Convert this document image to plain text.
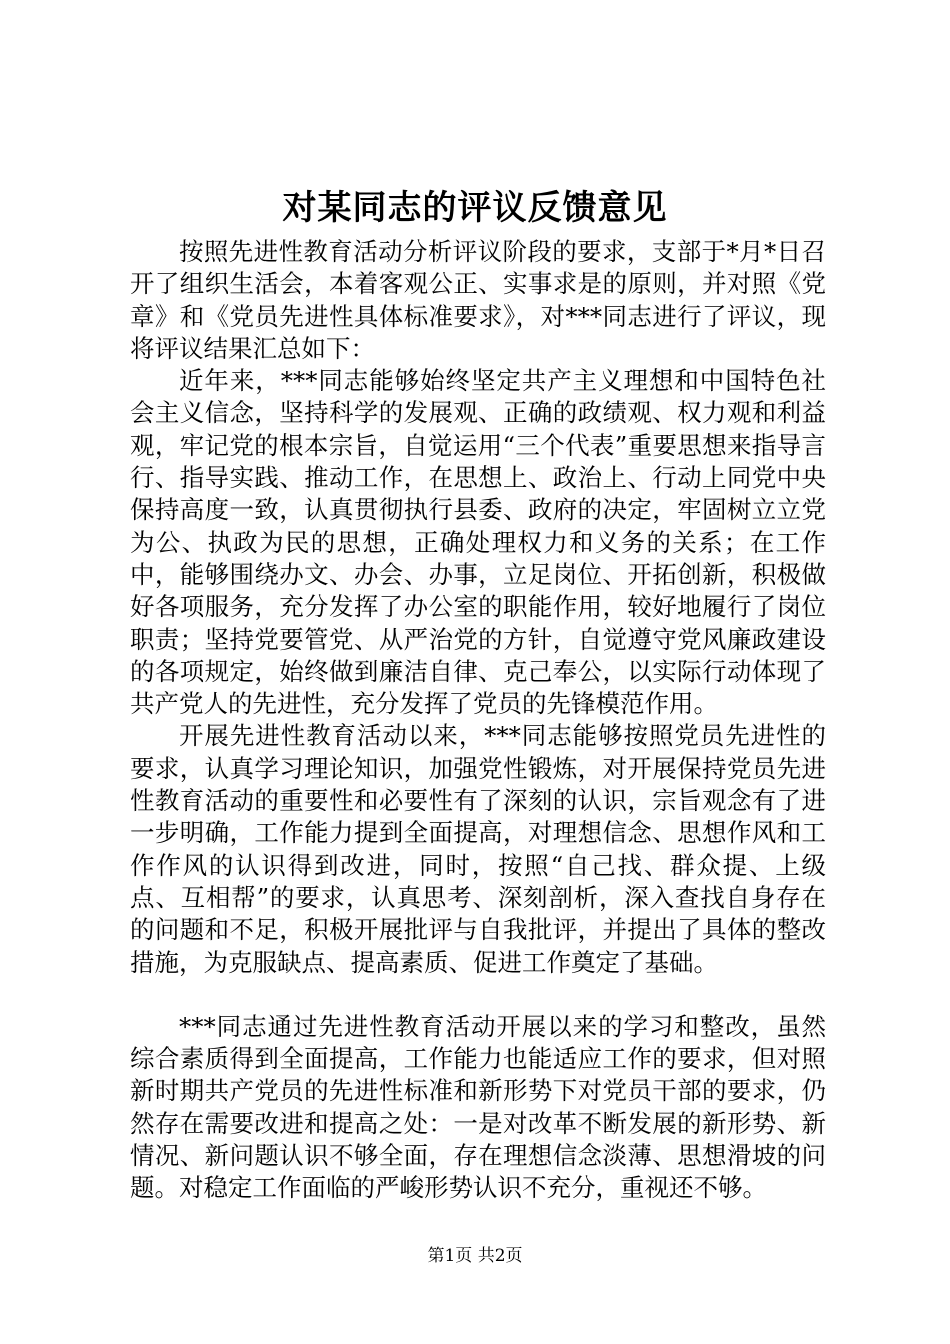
对某同志的评议反馈意见

按照先进性教育活动分析评议阶段的要求，支部于*月*日召开了组织生活会，本着客观公正、实事求是的原则，并对照《党章》和《党员先进性具体标准要求》，对***同志进行了评议，现将评议结果汇总如下：

近年来，***同志能够始终坚定共产主义理想和中国特色社会主义信念，坚持科学的发展观、正确的政绩观、权力观和利益观，牢记党的根本宗旨，自觉运用“三个代表”重要思想来指导言行、指导实践、推动工作，在思想上、政治上、行动上同党中央保持高度一致，认真贯彻执行县委、政府的决定，牢固树立立党为公、执政为民的思想，正确处理权力和义务的关系；在工作中，能够围绕办文、办会、办事，立足岗位、开拓创新，积极做好各项服务，充分发挥了办公室的职能作用，较好地履行了岗位职责；坚持党要管党、从严治党的方针，自觉遵守党风廉政建设的各项规定，始终做到廉洁自律、克己奉公，以实际行动体现了共产党人的先进性，充分发挥了党员的先锋模范作用。

开展先进性教育活动以来，***同志能够按照党员先进性的要求，认真学习理论知识，加强党性锻炼，对开展保持党员先进性教育活动的重要性和必要性有了深刻的认识，宗旨观念有了进一步明确，工作能力提到全面提高，对理想信念、思想作风和工作作风的认识得到改进，同时，按照“自己找、群众提、上级点、互相帮”的要求，认真思考、深刻剖析，深入查找自身存在的问题和不足，积极开展批评与自我批评，并提出了具体的整改措施，为克服缺点、提高素质、促进工作奠定了基础。

***同志通过先进性教育活动开展以来的学习和整改，虽然综合素质得到全面提高，工作能力也能适应工作的要求，但对照新时期共产党员的先进性标准和新形势下对党员干部的要求，仍然存在需要改进和提高之处：一是对改革不断发展的新形势、新情况、新问题认识不够全面，存在理想信念淡薄、思想滑坡的问题。对稳定工作面临的严峻形势认识不充分，重视还不够。

第1页 共2页
